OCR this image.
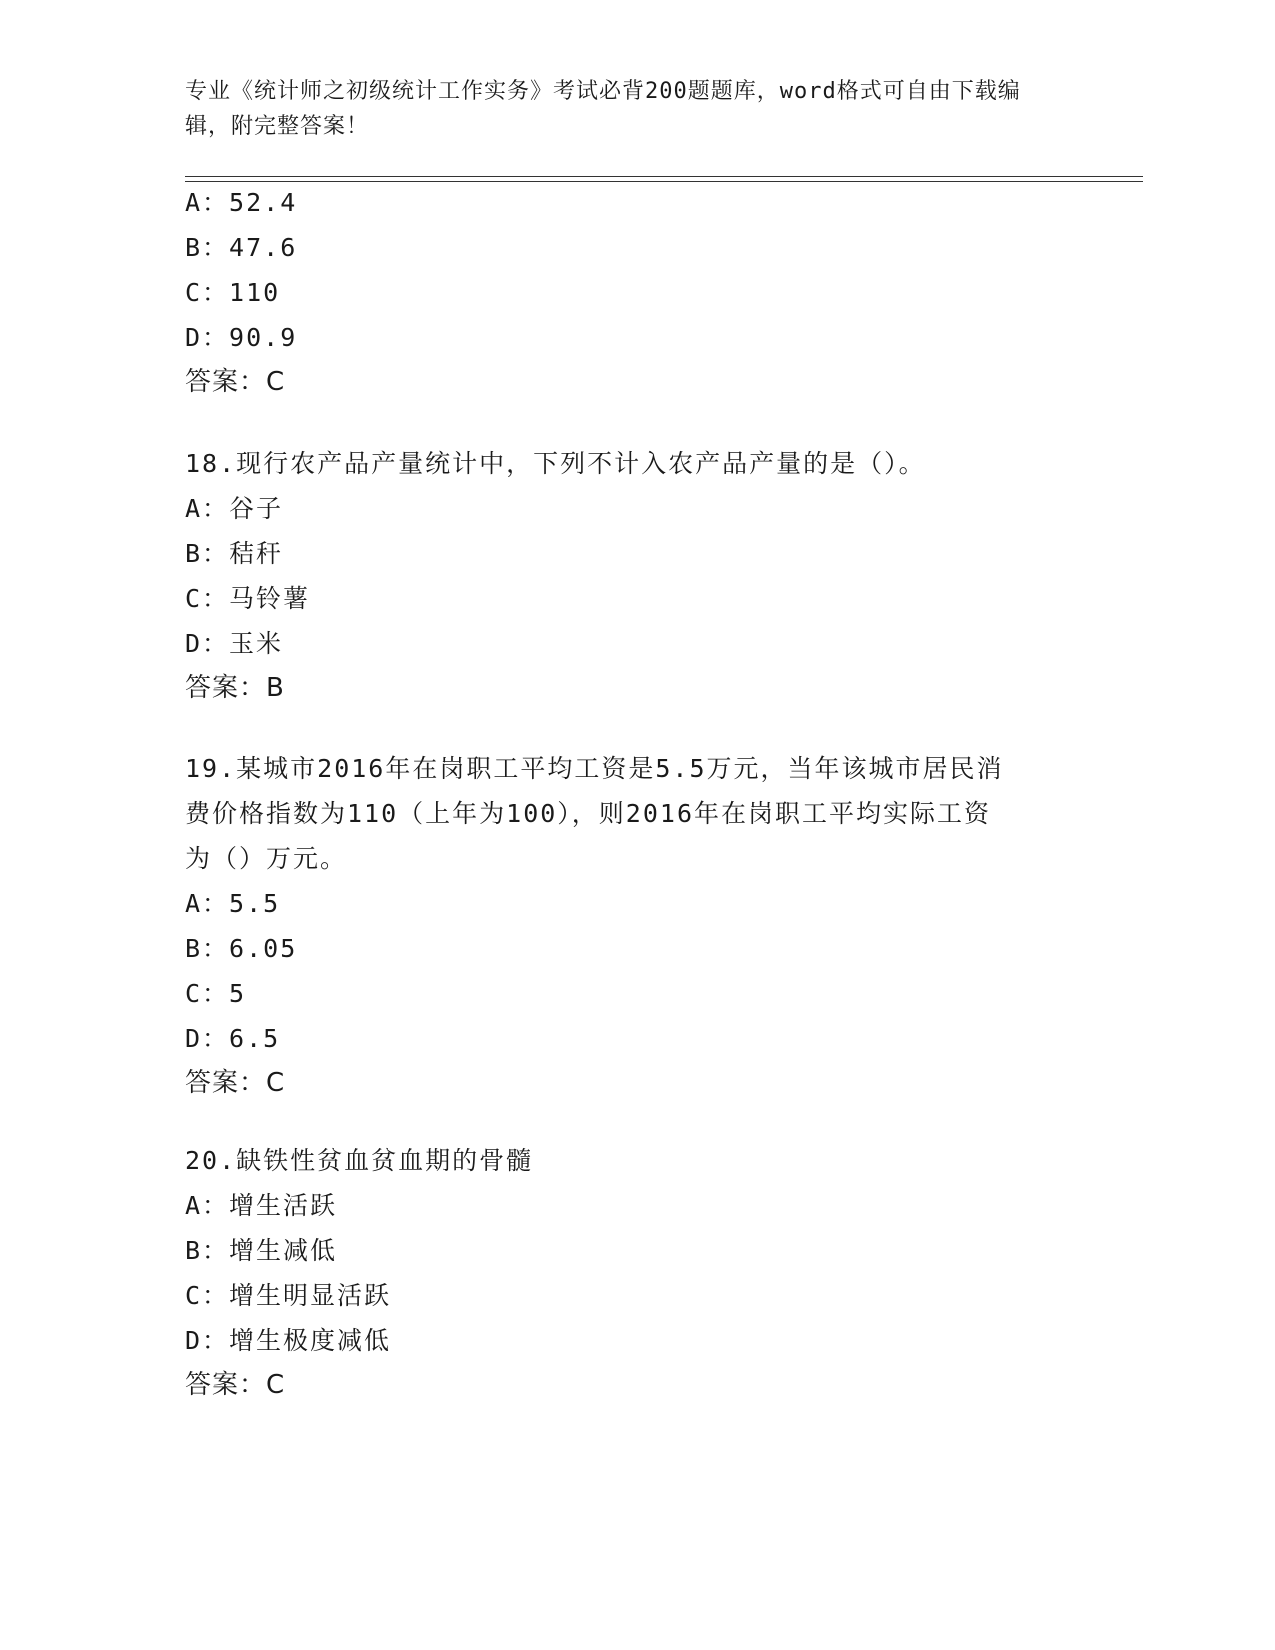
专业《统计师之初级统计工作实务》考试必背200题题库，word格式可自由下载编辑，附完整答案！
A：52.4
B：47.6
C：110
D：90.9
答案：C
18.现行农产品产量统计中，下列不计入农产品产量的是（）。
A：谷子
B：秸秆
C：马铃薯
D：玉米
答案：B
19.某城市2016年在岗职工平均工资是5.5万元，当年该城市居民消费价格指数为110（上年为100），则2016年在岗职工平均实际工资为（）万元。
A：5.5
B：6.05
C：5
D：6.5
答案：C
20.缺铁性贫血贫血期的骨髓
A：增生活跃
B：增生减低
C：增生明显活跃
D：增生极度减低
答案：C
